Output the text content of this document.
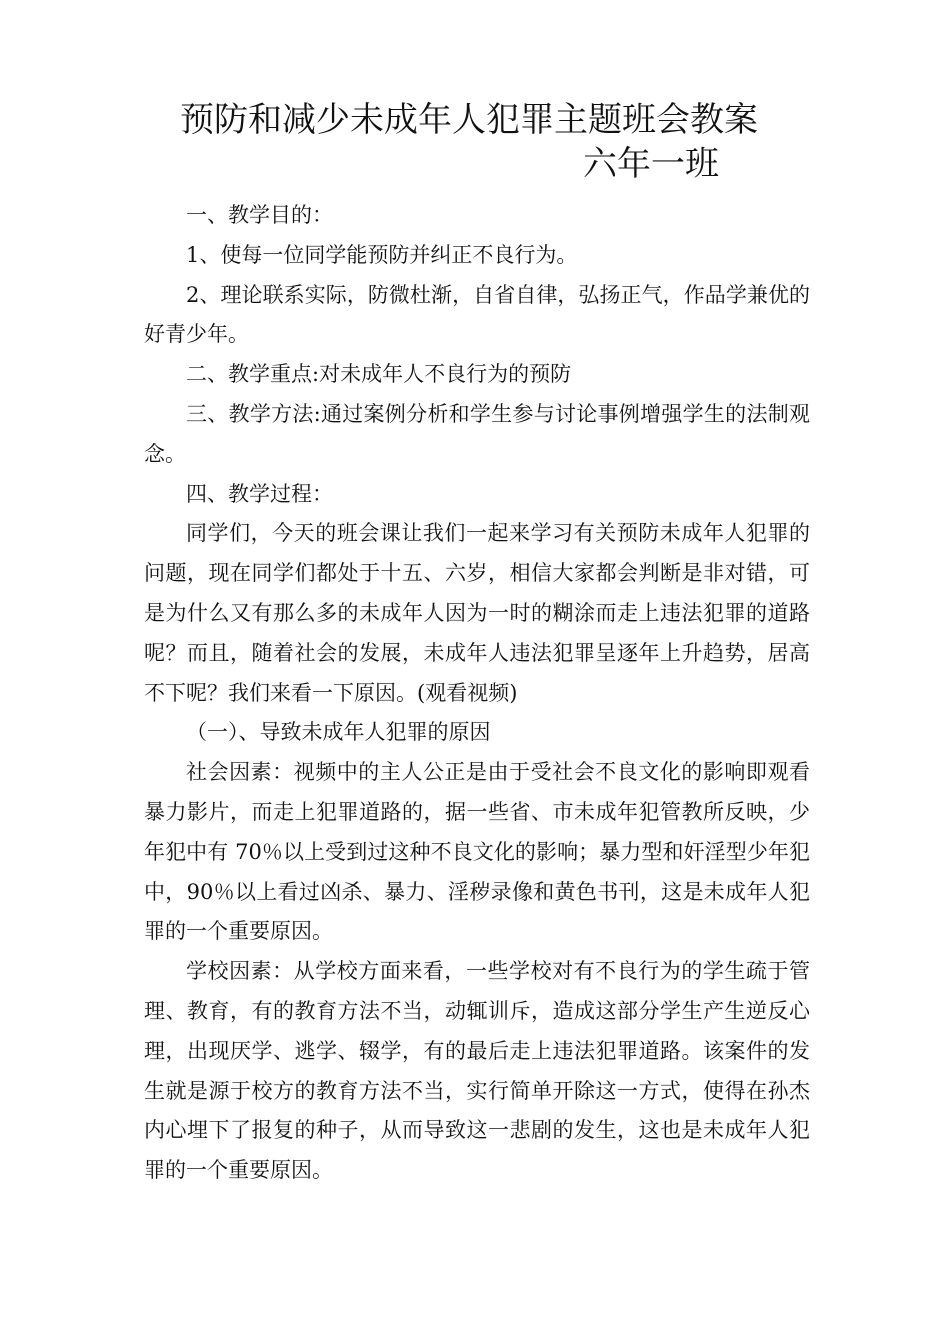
预防和减少未成年人犯罪主题班会教案
六年一班

一、教学目的：

1、使每一位同学能预防并纠正不良行为。

2、理论联系实际，防微杜渐，自省自律，弘扬正气，作品学兼优的好青少年。

二、教学重点:对未成年人不良行为的预防

三、教学方法:通过案例分析和学生参与讨论事例增强学生的法制观念。

四、教学过程：

同学们，今天的班会课让我们一起来学习有关预防未成年人犯罪的问题，现在同学们都处于十五、六岁，相信大家都会判断是非对错，可是为什么又有那么多的未成年人因为一时的糊涂而走上违法犯罪的道路呢？而且，随着社会的发展，未成年人违法犯罪呈逐年上升趋势，居高不下呢？我们来看一下原因。(观看视频)

（一）、导致未成年人犯罪的原因

社会因素：视频中的主人公正是由于受社会不良文化的影响即观看暴力影片，而走上犯罪道路的，据一些省、市未成年犯管教所反映，少年犯中有 70％以上受到过这种不良文化的影响；暴力型和奸淫型少年犯中，90％以上看过凶杀、暴力、淫秽录像和黄色书刊，这是未成年人犯罪的一个重要原因。

学校因素：从学校方面来看，一些学校对有不良行为的学生疏于管理、教育，有的教育方法不当，动辄训斥，造成这部分学生产生逆反心理，出现厌学、逃学、辍学，有的最后走上违法犯罪道路。该案件的发生就是源于校方的教育方法不当，实行简单开除这一方式，使得在孙杰内心埋下了报复的种子，从而导致这一悲剧的发生，这也是未成年人犯罪的一个重要原因。
